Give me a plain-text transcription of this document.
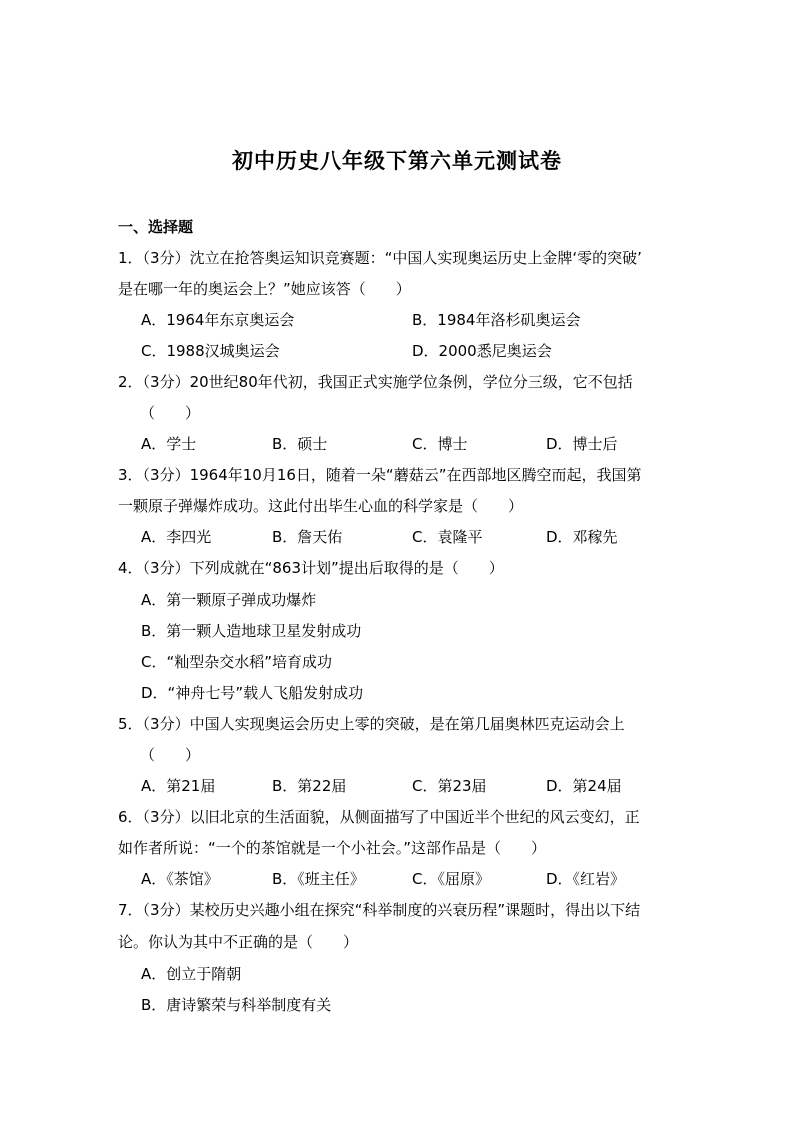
初中历史八年级下第六单元测试卷
一、选择题
1．（3分）沈立在抢答奥运知识竞赛题：“中国人实现奥运历史上金牌‘零的突破’
是在哪一年的奥运会上？”她应该答（　　）
A．1964年东京奥运会	B．1984年洛杉矶奥运会
C．1988汉城奥运会	D．2000悉尼奥运会
2．（3分）20世纪80年代初，我国正式实施学位条例，学位分三级，它不包括
（　　）
A．学士	B．硕士	C．博士	D．博士后
3．（3分）1964年10月16日，随着一朵“蘑菇云”在西部地区腾空而起，我国第
一颗原子弹爆炸成功。这此付出毕生心血的科学家是（　　）
A．李四光	B．詹天佑	C．袁隆平	D．邓稼先
4．（3分）下列成就在“863计划”提出后取得的是（　　）
A．第一颗原子弹成功爆炸
B．第一颗人造地球卫星发射成功
C．“籼型杂交水稻”培育成功
D．“神舟七号”载人飞船发射成功
5．（3分）中国人实现奥运会历史上零的突破，是在第几届奥林匹克运动会上
（　　）
A．第21届	B．第22届	C．第23届	D．第24届
6．（3分）以旧北京的生活面貌，从侧面描写了中国近半个世纪的风云变幻，正
如作者所说：“一个的茶馆就是一个小社会。”这部作品是（　　）
A．《茶馆》	B．《班主任》	C．《屈原》	D．《红岩》
7．（3分）某校历史兴趣小组在探究“科举制度的兴衰历程”课题时，得出以下结
论。你认为其中不正确的是（　　）
A．创立于隋朝
B．唐诗繁荣与科举制度有关
